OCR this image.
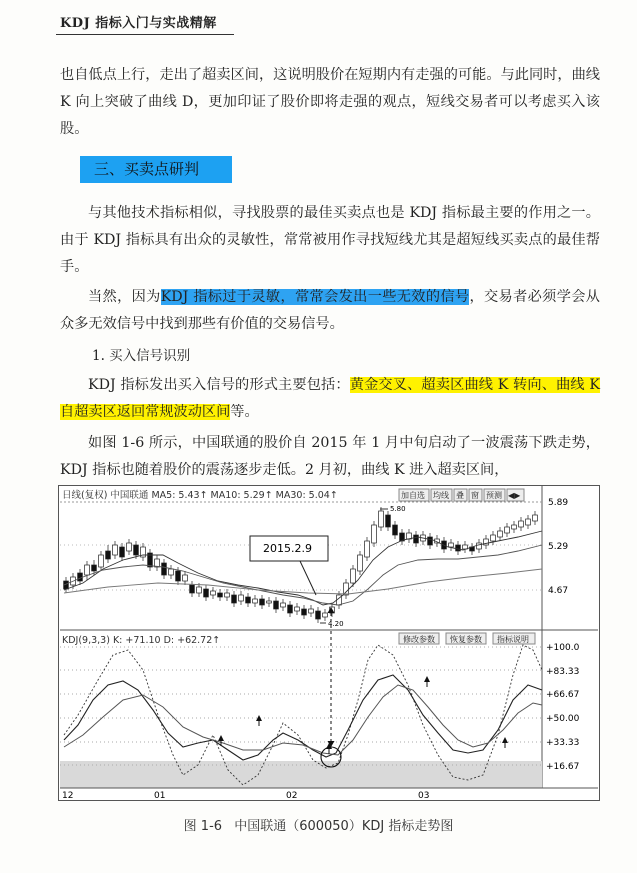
KDJ 指标入门与实战精解

也自低点上行，走出了超卖区间，这说明股价在短期内有走强的可能。与此同时，曲线 K 向上突破了曲线 D，更加印证了股价即将走强的观点，短线交易者可以考虑买入该股。

三、买卖点研判

与其他技术指标相似，寻找股票的最佳买卖点也是 KDJ 指标最主要的作用之一。由于 KDJ 指标具有出众的灵敏性，常常被用作寻找短线尤其是超短线买卖点的最佳帮手。

当然，因为KDJ 指标过于灵敏，常常会发出一些无效的信号，交易者必须学会从众多无效信号中找到那些有价值的交易信号。

1. 买入信号识别

KDJ 指标发出买入信号的形式主要包括：黄金交叉、超卖区曲线 K 转向、曲线 K 自超卖区返回常规波动区间等。

如图 1-6 所示，中国联通的股价自 2015 年 1 月中旬启动了一波震荡下跌走势，KDJ 指标也随着股价的震荡逐步走低。2 月初，曲线 K 进入超卖区间，

日线(复权) 中国联通 MA5: 5.43↑ MA10: 5.29↑ MA30: 5.04↑	加自选 均线 叠 窗 预测 ◀▶
5.89
5.29
4.67
5.80
4.20
2015.2.9
KDJ(9,3,3) K: +71.10 D: +62.72↑	修改参数 恢复参数 指标说明
+100.0
+83.33
+66.67
+50.00
+33.33
+16.67
12	01	02	03
图 1-6 中国联通（600050）KDJ 指标走势图
